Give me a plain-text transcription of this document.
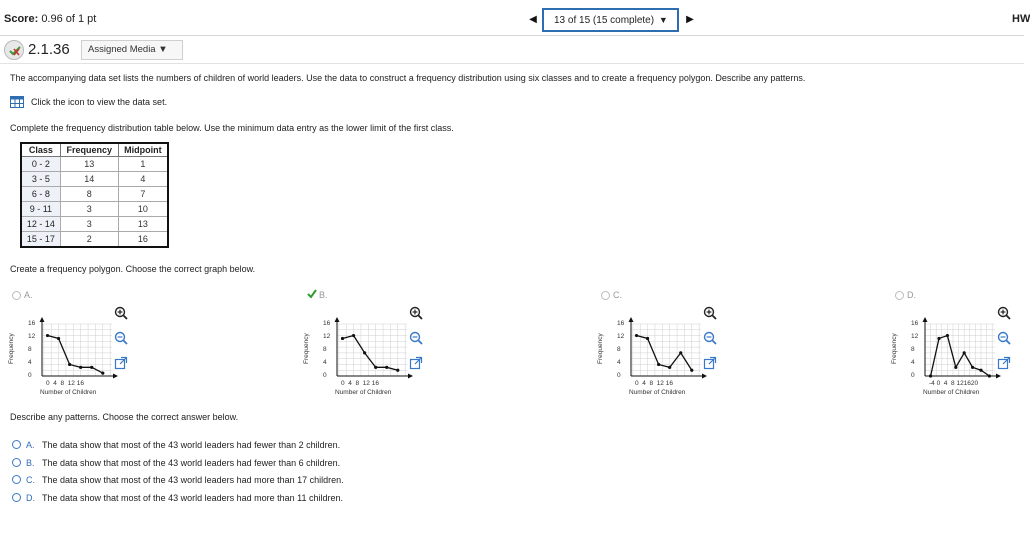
Score: 0.96 of 1 pt	◀	13 of 15 (15 complete) ▼	▶	HW
2.1.36	Assigned Media ▼
The accompanying data set lists the numbers of children of world leaders. Use the data to construct a frequency distribution using six classes and to create a frequency polygon. Describe any patterns.
Click the icon to view the data set.
Complete the frequency distribution table below. Use the minimum data entry as the lower limit of the first class.
Class	Frequency	Midpoint
0 - 2	13	1
3 - 5	14	4
6 - 8	8	7
9 - 11	3	10
12 - 14	3	13
15 - 17	2	16
Create a frequency polygon. Choose the correct graph below.
A.
Frequency
16
12
8
4
0
0  4  8  12 16
Number of Children
B.
Frequency
16
12
8
4
0
0  4  8  12 16
Number of Children
C.
Frequency
16
12
8
4
0
0  4  8  12 16
Number of Children
D.
Frequency
16
12
8
4
0
-4 0  4  8 121620
Number of Children
Describe any patterns. Choose the correct answer below.
A. The data show that most of the 43 world leaders had fewer than 2 children.
B. The data show that most of the 43 world leaders had fewer than 6 children.
C. The data show that most of the 43 world leaders had more than 17 children.
D. The data show that most of the 43 world leaders had more than 11 children.
